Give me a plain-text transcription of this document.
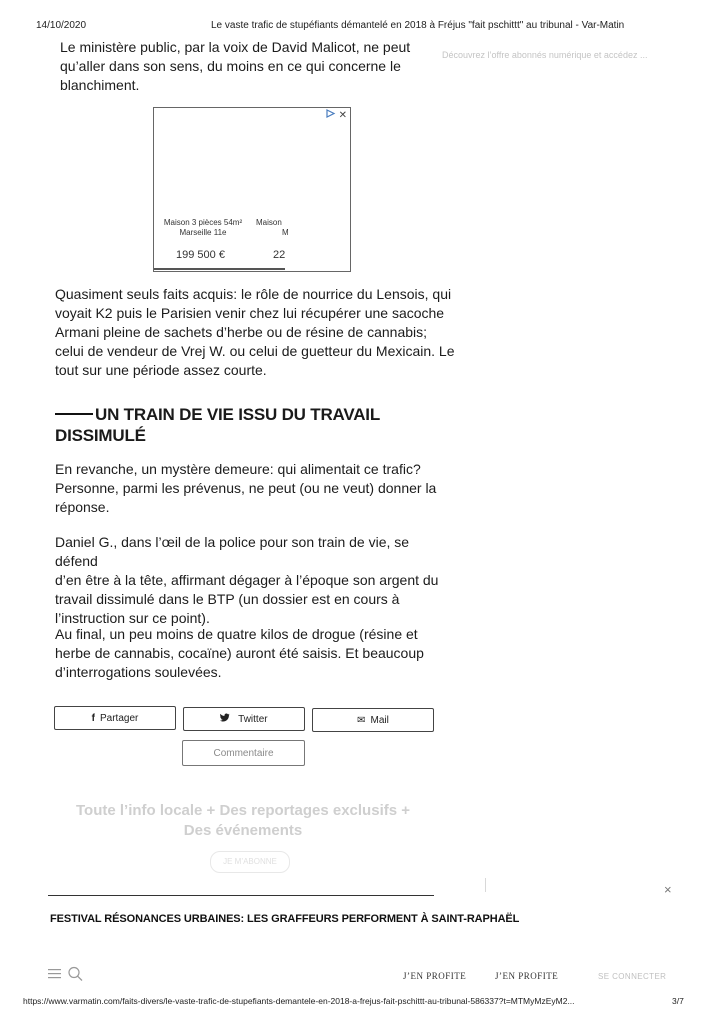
14/10/2020	Le vaste trafic de stupéfiants démantelé en 2018 à Fréjus "fait pschittt" au tribunal - Var-Matin
Découvrez l’offre abonnés numérique et accédez ...
Le ministère public, par la voix de David Malicot, ne peut
qu’aller dans son sens, du moins en ce qui concerne le
blanchiment.
✕
Maison 3 pièces 54m²
Marseille 11e
Maison
M
199 500 €	22
Quasiment seuls faits acquis: le rôle de nourrice du Lensois, qui
voyait K2 puis le Parisien venir chez lui récupérer une sacoche
Armani pleine de sachets d’herbe ou de résine de cannabis;
celui de vendeur de Vrej W. ou celui de guetteur du Mexicain. Le
tout sur une période assez courte.
UN TRAIN DE VIE ISSU DU TRAVAIL
DISSIMULÉ
En revanche, un mystère demeure: qui alimentait ce trafic?
Personne, parmi les prévenus, ne peut (ou ne veut) donner la
réponse.
Daniel G., dans l’œil de la police pour son train de vie, se défend
d’en être à la tête, affirmant dégager à l’époque son argent du
travail dissimulé dans le BTP (un dossier est en cours à
l’instruction sur ce point).
Au final, un peu moins de quatre kilos de drogue (résine et
herbe de cannabis, cocaïne) auront été saisis. Et beaucoup
d’interrogations soulevées.
f Partager	Twitter	✉ Mail
Commentaire
Toute l’info locale + Des reportages exclusifs +
Des événements
JE M’ABONNE
×
FESTIVAL RÉSONANCES URBAINES: LES GRAFFEURS PERFORMENT À SAINT-RAPHAËL
J’EN PROFITE	J’EN PROFITE	SE CONNECTER
https://www.varmatin.com/faits-divers/le-vaste-trafic-de-stupefiants-demantele-en-2018-a-frejus-fait-pschittt-au-tribunal-586337?t=MTMyMzEyM2...	3/7
